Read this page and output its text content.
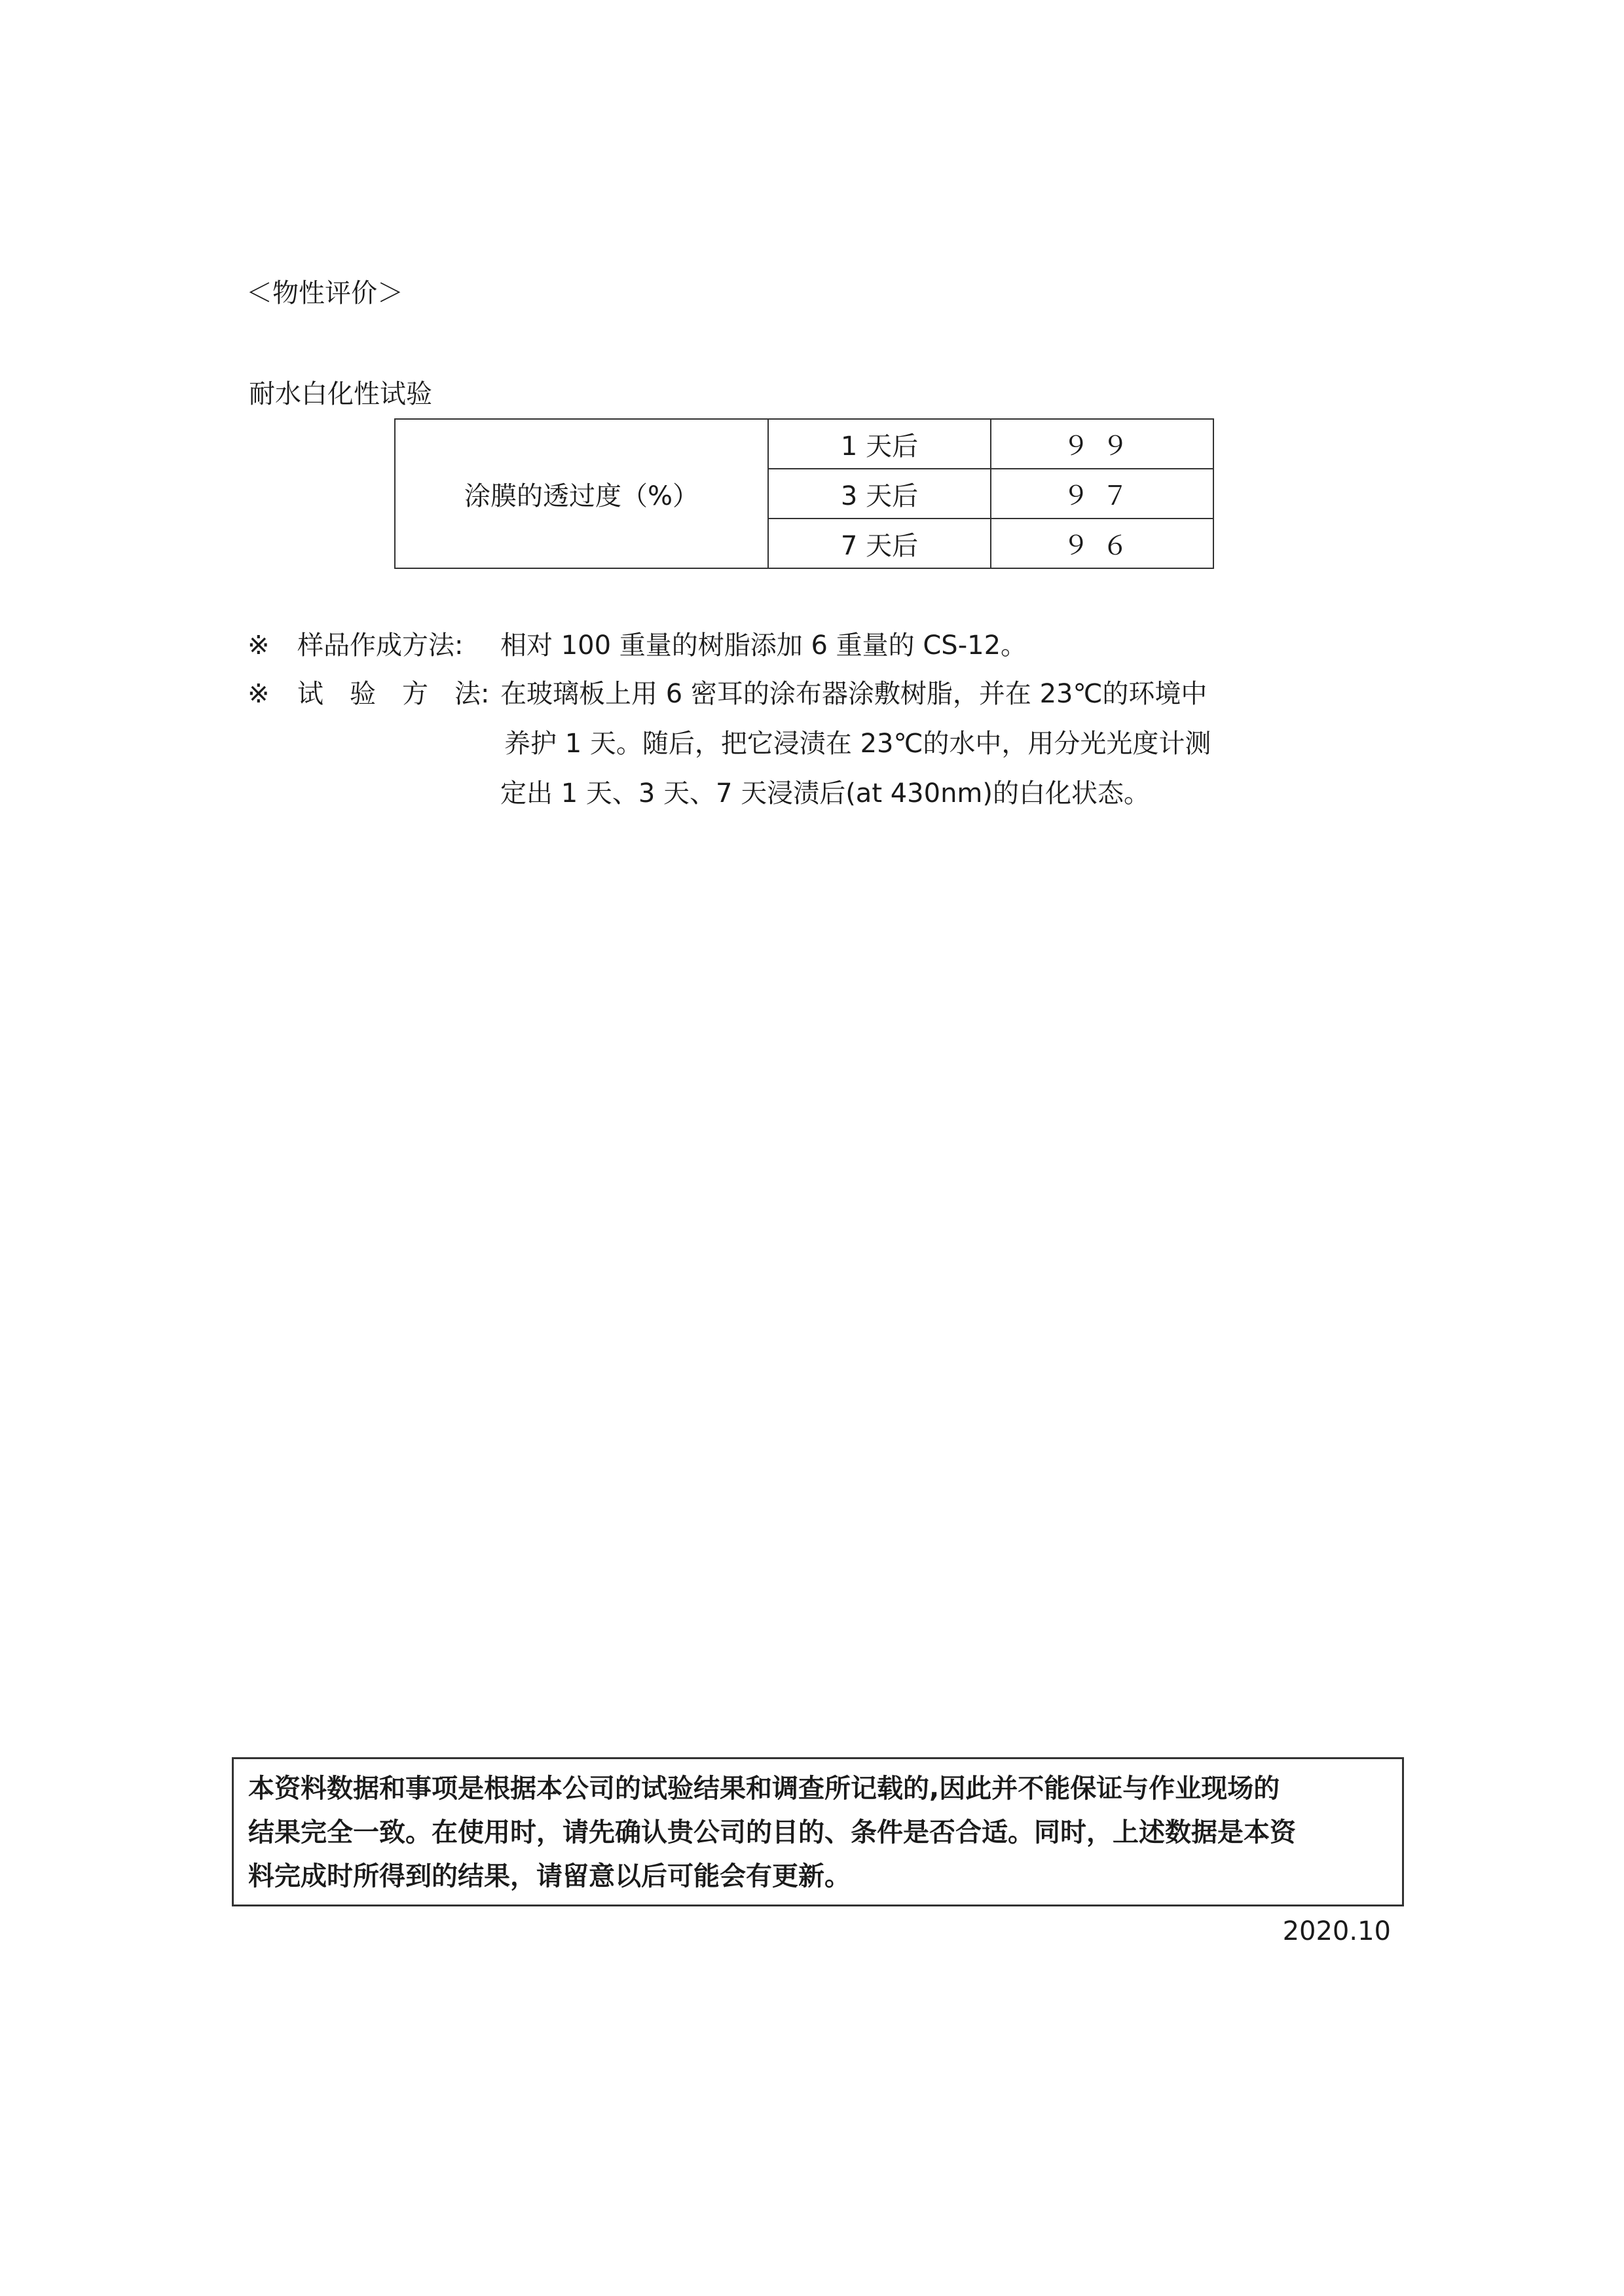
＜物性评价＞
耐水白化性试验
涂膜的透过度（%）	1 天后	９９
	3 天后	９７
	7 天后	９６
※ 样品作成方法: 相对 100 重量的树脂添加 6 重量的 CS-12。
※ 试　验　方　法: 在玻璃板上用 6 密耳的涂布器涂敷树脂，并在 23℃的环境中
养护 1 天。随后，把它浸渍在 23℃的水中，用分光光度计测
定出 1 天、3 天、7 天浸渍后(at 430nm)的白化状态。
本资料数据和事项是根据本公司的试验结果和调查所记载的,因此并不能保证与作业现场的
结果完全一致。在使用时，请先确认贵公司的目的、条件是否合适。同时，上述数据是本资
料完成时所得到的结果，请留意以后可能会有更新。
2020.10
